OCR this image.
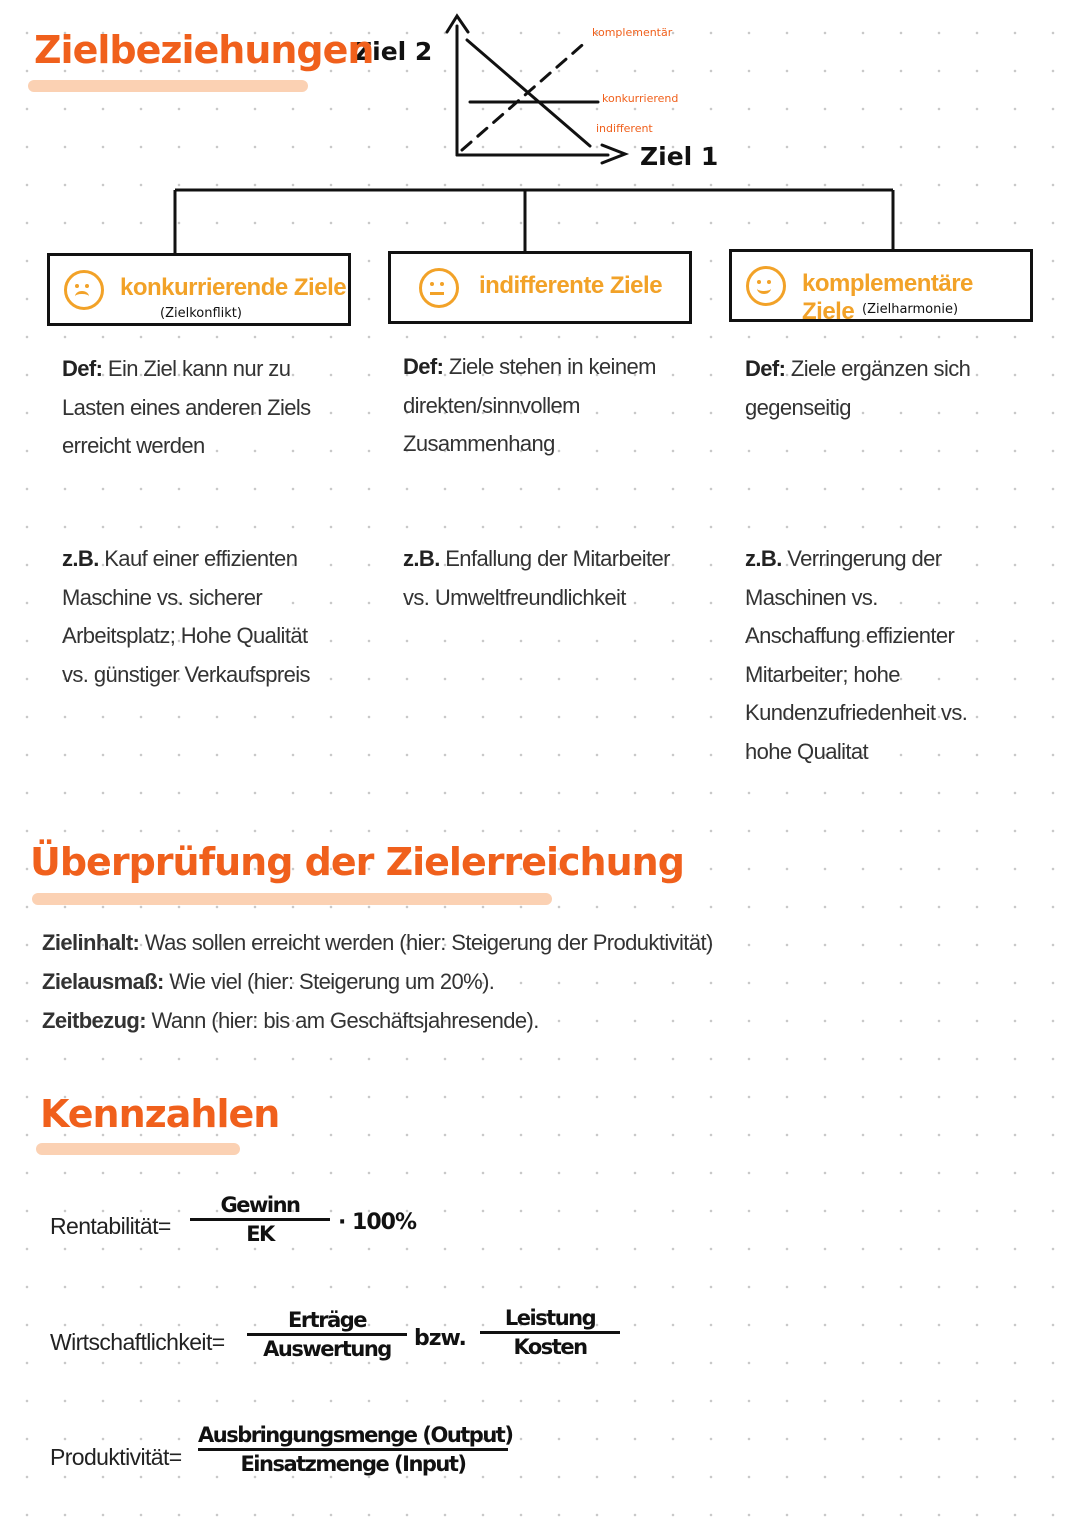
Zielbeziehungen
Ziel 2
Ziel 1
komplementär
konkurrierend
indifferent
konkurrierende Ziele
(Zielkonflikt)
indifferente Ziele	komplementäre Ziele (Zielharmonie)
Def: Ein Ziel kann nur zu Lasten eines anderen Ziels erreicht werden
Def: Ziele stehen in keinem direkten/sinnvollem Zusammenhang
Def: Ziele ergänzen sich gegenseitig
z.B. Kauf einer effizienten Maschine vs. sicherer Arbeitsplatz; Hohe Qualität vs. günstiger Verkaufspreis
z.B. Enfallung der Mitarbeiter vs. Umweltfreundlichkeit
z.B. Verringerung der Maschinen vs. Anschaffung effizienter Mitarbeiter; hohe Kundenzufriedenheit vs. hohe Qualitat
Überprüfung der Zielerreichung
Zielinhalt: Was sollen erreicht werden (hier: Steigerung der Produktivität)
Zielausmaß: Wie viel (hier: Steigerung um 20%).
Zeitbezug: Wann (hier: bis am Geschäftsjahresende).
Kennzahlen
Rentabilität=
Gewinn
EK	· 100%
Wirtschaftlichkeit=
Erträge
Auswertung	bzw.
Leistung
Kosten
Produktivität=
Ausbringungsmenge (Output)
Einsatzmenge (Input)
